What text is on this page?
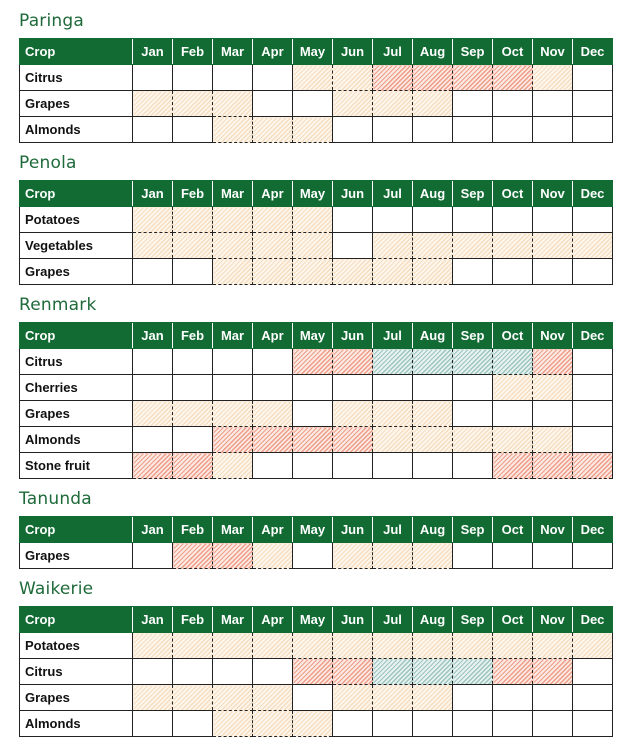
Paringa
Crop	Jan	Feb	Mar	Apr	May	Jun	Jul	Aug	Sep	Oct	Nov	Dec
Citrus												
Grapes												
Almonds												
Penola
Crop	Jan	Feb	Mar	Apr	May	Jun	Jul	Aug	Sep	Oct	Nov	Dec
Potatoes												
Vegetables												
Grapes												
Renmark
Crop	Jan	Feb	Mar	Apr	May	Jun	Jul	Aug	Sep	Oct	Nov	Dec
Citrus												
Cherries												
Grapes												
Almonds												
Stone fruit												
Tanunda
Crop	Jan	Feb	Mar	Apr	May	Jun	Jul	Aug	Sep	Oct	Nov	Dec
Grapes												
Waikerie
Crop	Jan	Feb	Mar	Apr	May	Jun	Jul	Aug	Sep	Oct	Nov	Dec
Potatoes												
Citrus												
Grapes												
Almonds												
